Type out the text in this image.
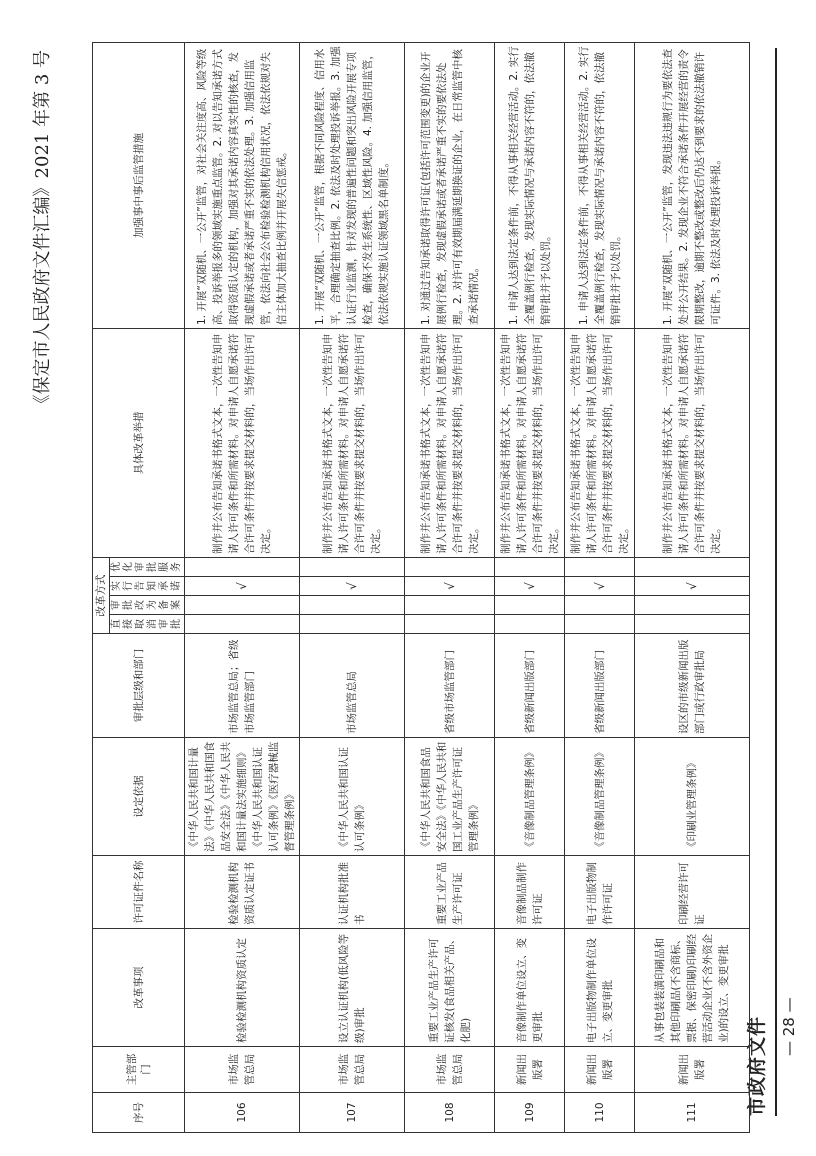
市政府文件 — 28 —
《保定市人民政府文件汇编》2021 年第 3 号
序号	主管部门	改革事项	许可证件名称	设定依据	审批层级和部门	改革方式				具体改革举措	加强事中事后监管措施
						直接取消审批	审批改为备案	实行告知承诺	优化审批服务		
106	市场监管总局	检验检测机构资质认定	检验检测机构资质认定证书	《中华人民共和国计量法》《中华人民共和国食品安全法》《中华人民共和国计量法实施细则》《中华人民共和国认证认可条例》《医疗器械监督管理条例》	市场监管总局；省级市场监管部门			√		制作并公布告知承诺书格式文本，一次性告知申请人许可条件和所需材料。对申请人自愿承诺符合许可条件并按要求提交材料的，当场作出许可决定。	1. 开展“双随机、一公开”监管，对社会关注度高、风险等级高、投诉举报多的领域实施重点监管。2. 对以告知承诺方式取得资质认定的机构，加强对其承诺内容真实性的核查，发现虚假承诺或者承诺严重不实的依法处理。3. 加强信用监管，依法向社会公布检验检测机构信用状况，依法依规对失信主体加大抽查比例并开展失信惩戒。
107	市场监管总局	设立认证机构(低风险等级)审批	认证机构批准书	《中华人民共和国认证认可条例》	市场监管总局			√		制作并公布告知承诺书格式文本，一次性告知申请人许可条件和所需材料。对申请人自愿承诺符合许可条件并按要求提交材料的，当场作出许可决定。	1. 开展“双随机、一公开”监管，根据不同风险程度、信用水平，合理确定抽查比例。2. 依法及时处理投诉举报。3. 加强认证行业监测，针对发现的普遍性问题和突出风险开展专项检查，确保不发生系统性、区域性风险。4. 加强信用监管，依法依规实施认证领域黑名单制度。
108	市场监管总局	重要工业产品生产许可证核发(食品相关产品、化肥)	重要工业产品生产许可证	《中华人民共和国食品安全法》《中华人民共和国工业产品生产许可证管理条例》	省级市场监管部门			√		制作并公布告知承诺书格式文本，一次性告知申请人许可条件和所需材料。对申请人自愿承诺符合许可条件并按要求提交材料的，当场作出许可决定。	1. 对通过告知承诺取得许可证(包括许可范围变更)的企业开展例行检查，发现虚假承诺或者承诺严重不实的要依法处理。2. 对许可有效期届满延期换证的企业，在日常监管中核查承诺情况。
109	新闻出版署	音像制作单位设立、变更审批	音像制品制作许可证	《音像制品管理条例》	省级新闻出版部门			√		制作并公布告知承诺书格式文本，一次性告知申请人许可条件和所需材料。对申请人自愿承诺符合许可条件并按要求提交材料的，当场作出许可决定。	1. 申请人达到法定条件前，不得从事相关经营活动。2. 实行全覆盖例行检查，发现实际情况与承诺内容不符的，依法撤销审批并予以处罚。
110	新闻出版署	电子出版物制作单位设立、变更审批	电子出版物制作许可证	《音像制品管理条例》	省级新闻出版部门			√		制作并公布告知承诺书格式文本，一次性告知申请人许可条件和所需材料。对申请人自愿承诺符合许可条件并按要求提交材料的，当场作出许可决定。	1. 申请人达到法定条件前，不得从事相关经营活动。2. 实行全覆盖例行检查，发现实际情况与承诺内容不符的，依法撤销审批并予以处罚。
111	新闻出版署	从事包装装潢印刷品和其他印刷品(不含商标、票据、保密印刷)印刷经营活动企业(不含外资企业)的设立、变更审批	印刷经营许可证	《印刷业管理条例》	设区的市级新闻出版部门或行政审批局			√		制作并公布告知承诺书格式文本，一次性告知申请人许可条件和所需材料。对申请人自愿承诺符合许可条件并按要求提交材料的，当场作出许可决定。	1. 开展“双随机、一公开”监管，发现违法违规行为要依法查处并公开结果。2. 发现企业不符合承诺条件开展经营的责令限期整改，逾期不整改或整改后仍达不到要求的依法撤销许可证件。3. 依法及时处理投诉举报。
